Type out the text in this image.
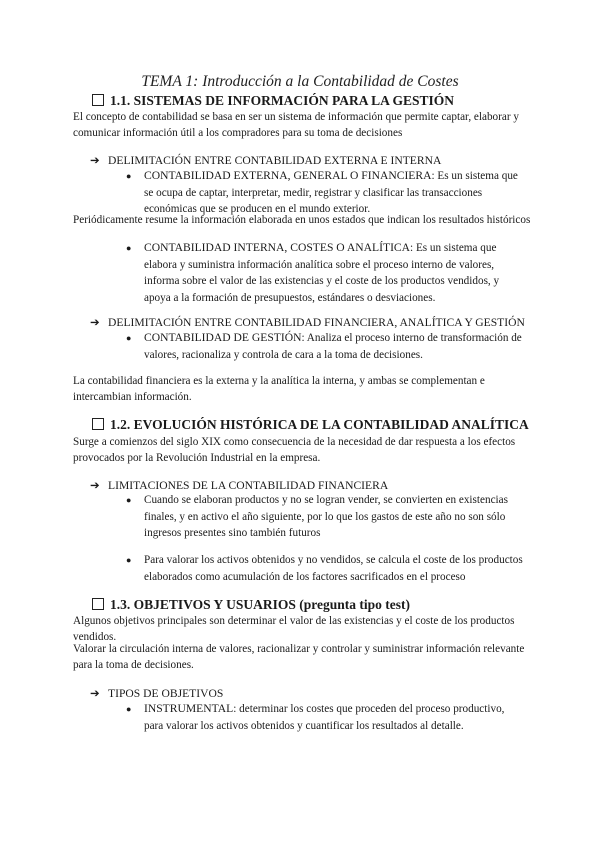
TEMA 1: Introducción a la Contabilidad de Costes
1.1. SISTEMAS DE INFORMACIÓN PARA LA GESTIÓN
El concepto de contabilidad se basa en ser un sistema de información que permite captar, elaborar y comunicar información útil a los compradores para su toma de decisiones
➔ DELIMITACIÓN ENTRE CONTABILIDAD EXTERNA E INTERNA
● CONTABILIDAD EXTERNA, GENERAL O FINANCIERA: Es un sistema que se ocupa de captar, interpretar, medir, registrar y clasificar las transacciones económicas que se producen en el mundo exterior.
Periódicamente resume la información elaborada en unos estados que indican los resultados históricos
● CONTABILIDAD INTERNA, COSTES O ANALÍTICA: Es un sistema que elabora y suministra información analítica sobre el proceso interno de valores, informa sobre el valor de las existencias y el coste de los productos vendidos, y apoya a la formación de presupuestos, estándares o desviaciones.
➔ DELIMITACIÓN ENTRE CONTABILIDAD FINANCIERA, ANALÍTICA Y GESTIÓN
● CONTABILIDAD DE GESTIÓN: Analiza el proceso interno de transformación de valores, racionaliza y controla de cara a la toma de decisiones.
La contabilidad financiera es la externa y la analítica la interna, y ambas se complementan e intercambian información.
1.2. EVOLUCIÓN HISTÓRICA DE LA CONTABILIDAD ANALÍTICA
Surge a comienzos del siglo XIX como consecuencia de la necesidad de dar respuesta a los efectos provocados por la Revolución Industrial en la empresa.
➔ LIMITACIONES DE LA CONTABILIDAD FINANCIERA
● Cuando se elaboran productos y no se logran vender, se convierten en existencias finales, y en activo el año siguiente, por lo que los gastos de este año no son sólo ingresos presentes sino también futuros
● Para valorar los activos obtenidos y no vendidos, se calcula el coste de los productos elaborados como acumulación de los factores sacrificados en el proceso
1.3. OBJETIVOS Y USUARIOS (pregunta tipo test)
Algunos objetivos principales son determinar el valor de las existencias y el coste de los productos vendidos.
Valorar la circulación interna de valores, racionalizar y controlar y suministrar información relevante para la toma de decisiones.
➔ TIPOS DE OBJETIVOS
● INSTRUMENTAL: determinar los costes que proceden del proceso productivo, para valorar los activos obtenidos y cuantificar los resultados al detalle.
